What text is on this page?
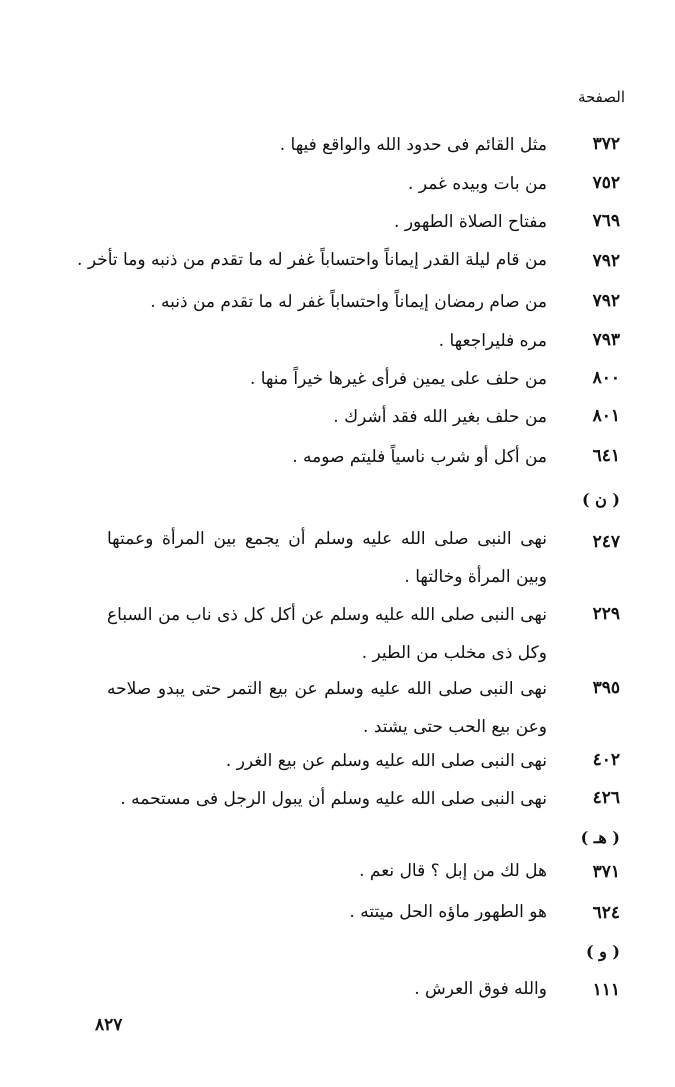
الصفحة
٣٧٢
مثل القائم فى حدود الله والواقع فيها .
٧٥٢
من بات وبيده غمر .
٧٦٩
مفتاح الصلاة الطهور .
٧٩٢
من قام ليلة القدر إيماناً واحتساباً غفر له ما تقدم من ذنبه وما تأخر .
٧٩٢
من صام رمضان إيماناً واحتساباً غفر له ما تقدم من ذنبه .
٧٩٣
مره فليراجعها .
٨٠٠
من حلف على يمين فرأى غيرها خيراً منها .
٨٠١
من حلف بغير الله فقد أشرك .
٦٤١
من أكل أو شرب ناسياً فليتم صومه .
( ن )
٢٤٧
نهى النبى صلى الله عليه وسلم أن يجمع بين المرأة وعمتها وبين المرأة وخالتها .
٢٢٩
نهى النبى صلى الله عليه وسلم عن أكل كل ذى ناب من السباع وكل ذى مخلب من الطير .
٣٩٥
نهى النبى صلى الله عليه وسلم عن بيع التمر حتى يبدو صلاحه وعن بيع الحب حتى يشتد .
٤٠٢
نهى النبى صلى الله عليه وسلم عن بيع الغرر .
٤٢٦
نهى النبى صلى الله عليه وسلم أن يبول الرجل فى مستحمه .
( هـ )
٣٧١
هل لك من إبل ؟ قال نعم .
٦٢٤
هو الطهور ماؤه الحل ميتته .
( و )
١١١
والله فوق العرش .
٨٢٧
